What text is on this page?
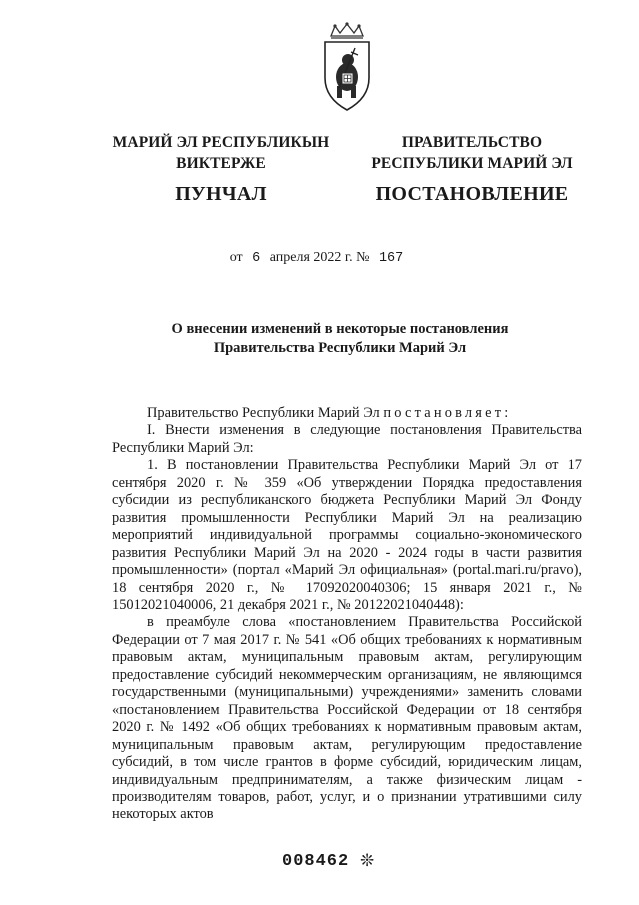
МАРИЙ ЭЛ РЕСПУБЛИКЫН
ВИКТЕРЖЕ
ПУНЧАЛ
ПРАВИТЕЛЬСТВО
РЕСПУБЛИКИ МАРИЙ ЭЛ
ПОСТАНОВЛЕНИЕ
от 6 апреля 2022 г. № 167
О внесении изменений в некоторые постановления
Правительства Республики Марий Эл

Правительство Республики Марий Эл постановляет:

I. Внести изменения в следующие постановления Правительства Республики Марий Эл:

1. В постановлении Правительства Республики Марий Эл от 17 сентября 2020 г. № 359 «Об утверждении Порядка предоставления субсидии из республиканского бюджета Республики Марий Эл Фонду развития промышленности Республики Марий Эл на реализацию мероприятий индивидуальной программы социально-экономического развития Республики Марий Эл на 2020 - 2024 годы в части развития промышленности» (портал «Марий Эл официальная» (portal.mari.ru/pravo), 18 сентября 2020 г., № 17092020040306; 15 января 2021 г., № 15012021040006, 21 декабря 2021 г., № 20122021040448):

в преамбуле слова «постановлением Правительства Российской Федерации от 7 мая 2017 г. № 541 «Об общих требованиях к нормативным правовым актам, муниципальным правовым актам, регулирующим предоставление субсидий некоммерческим организациям, не являющимся государственными (муниципальными) учреждениями» заменить словами «постановлением Правительства Российской Федерации от 18 сентября 2020 г. № 1492 «Об общих требованиях к нормативным правовым актам, муниципальным правовым актам, регулирующим предоставление субсидий, в том числе грантов в форме субсидий, юридическим лицам, индивидуальным предпринимателям, а также физическим лицам - производителям товаров, работ, услуг, и о признании утратившими силу некоторых актов

008462 ❊
